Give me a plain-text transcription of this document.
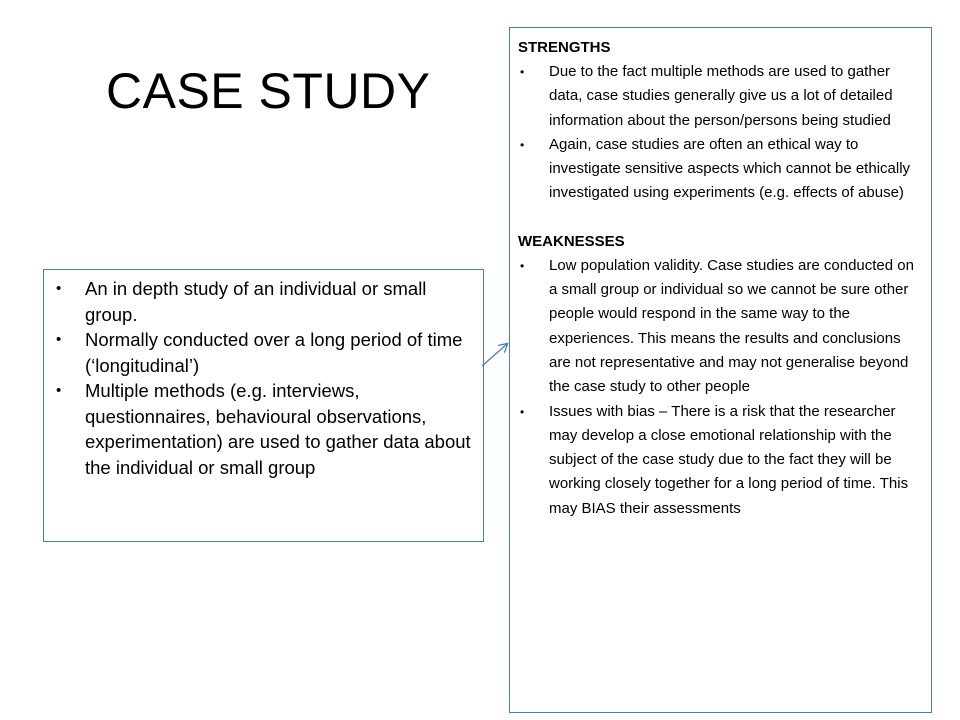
CASE STUDY
• An in depth study of an individual or small group.
• Normally conducted over a long period of time (‘longitudinal’)
• Multiple methods (e.g. interviews, questionnaires, behavioural observations, experimentation) are used to gather data about the individual or small group
STRENGTHS
• Due to the fact multiple methods are used to gather data, case studies generally give us a lot of detailed information about the person/persons being studied
• Again, case studies are often an ethical way to investigate sensitive aspects which cannot be ethically investigated using experiments (e.g. effects of abuse)
WEAKNESSES
• Low population validity. Case studies are conducted on a small group or individual so we cannot be sure other people would respond in the same way to the experiences. This means the results and conclusions are not representative and may not generalise beyond the case study to other people
• Issues with bias – There is a risk that the researcher may develop a close emotional relationship with the subject of the case study due to the fact they will be working closely together for a long period of time. This may BIAS their assessments
